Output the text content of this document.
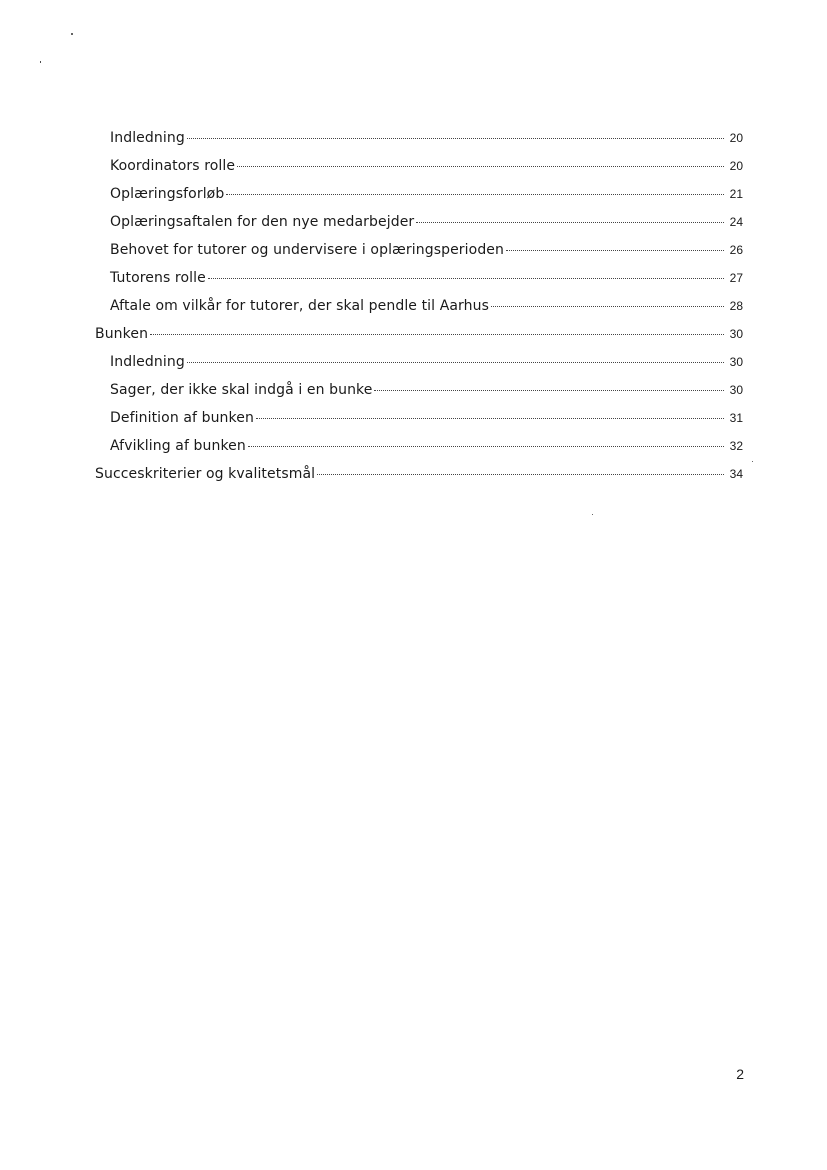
Indledning	20
Koordinators rolle	20
Oplæringsforløb	21
Oplæringsaftalen for den nye medarbejder	24
Behovet for tutorer og undervisere i oplæringsperioden	26
Tutorens rolle	27
Aftale om vilkår for tutorer, der skal pendle til Aarhus	28
Bunken	30
Indledning	30
Sager, der ikke skal indgå i en bunke	30
Definition af bunken	31
Afvikling af bunken	32
Succeskriterier og kvalitetsmål	34
2
